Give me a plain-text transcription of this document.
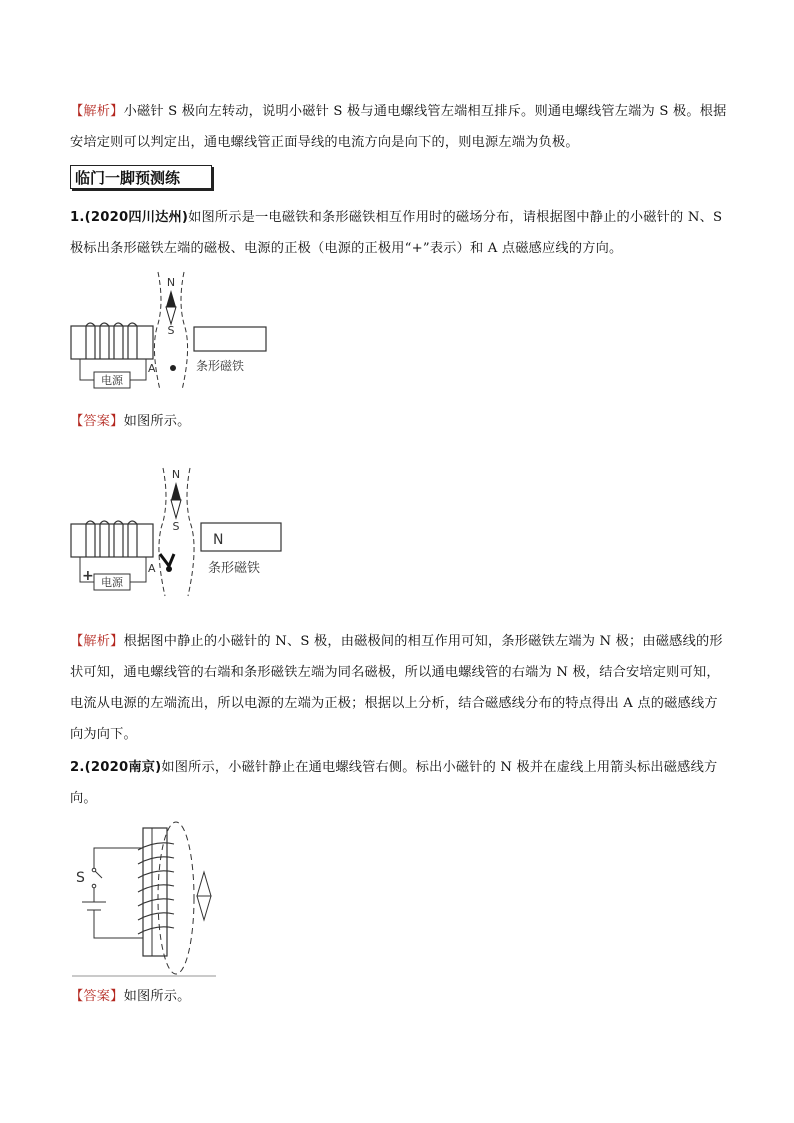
【解析】小磁针 S 极向左转动，说明小磁针 S 极与通电螺线管左端相互排斥。则通电螺线管左端为 S 极。根据安培定则可以判定出，通电螺线管正面导线的电流方向是向下的，则电源左端为负极。

临门一脚预测练

1.(2020四川达州)如图所示是一电磁铁和条形磁铁相互作用时的磁场分布，请根据图中静止的小磁针的 N、S 极标出条形磁铁左端的磁极、电源的正极（电源的正极用“+”表示）和 A 点磁感应线的方向。

电源
N
S
A	条形磁铁

【答案】如图所示。

电源
+
N
S
A
N
条形磁铁

【解析】根据图中静止的小磁针的 N、S 极，由磁极间的相互作用可知，条形磁铁左端为 N 极；由磁感线的形状可知，通电螺线管的右端和条形磁铁左端为同名磁极，所以通电螺线管的右端为 N 极，结合安培定则可知，电流从电源的左端流出，所以电源的左端为正极；根据以上分析，结合磁感线分布的特点得出 A 点的磁感线方向为向下。

2.(2020南京)如图所示，小磁针静止在通电螺线管右侧。标出小磁针的 N 极并在虚线上用箭头标出磁感线方向。

S

【答案】如图所示。
